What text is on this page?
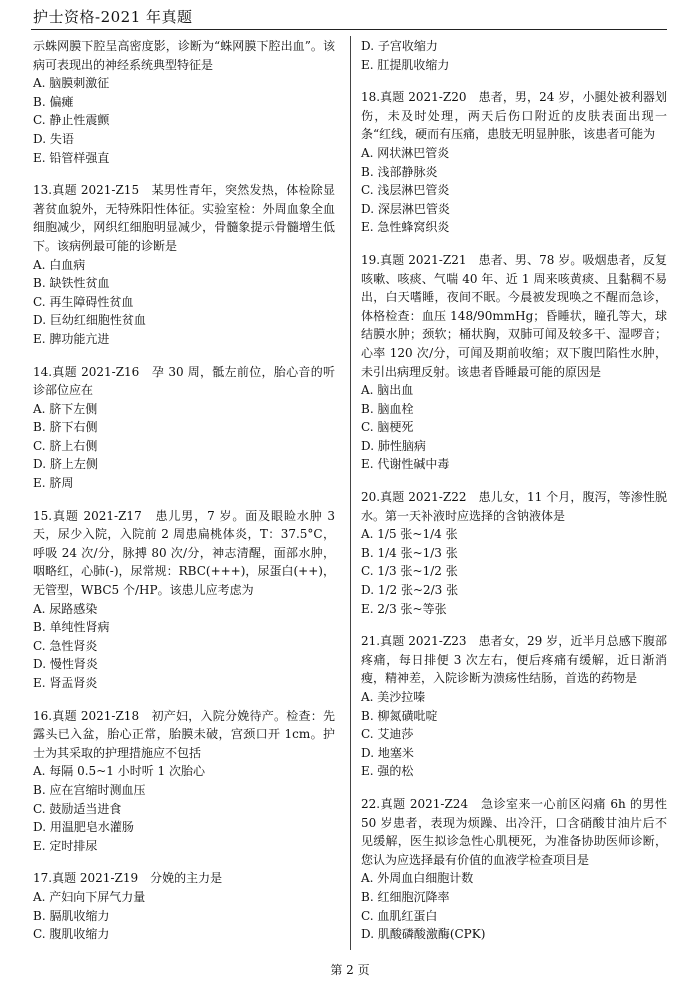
护士资格-2021 年真题
示蛛网膜下腔呈高密度影，诊断为“蛛网膜下腔出血”。该病可表现出的神经系统典型特征是
A. 脑膜刺激征
B. 偏瘫
C. 静止性震颤
D. 失语
E. 铅管样强直
13.真题 2021-Z15　某男性青年，突然发热，体检除显著贫血貌外，无特殊阳性体征。实验室检：外周血象全血细胞减少，网织红细胞明显减少，骨髓象提示骨髓增生低下。该病例最可能的诊断是
A. 白血病
B. 缺铁性贫血
C. 再生障碍性贫血
D. 巨幼红细胞性贫血
E. 脾功能亢进
14.真题 2021-Z16　孕 30 周，骶左前位，胎心音的听诊部位应在
A. 脐下左侧
B. 脐下右侧
C. 脐上右侧
D. 脐上左侧
E. 脐周
15.真题 2021-Z17　患儿男，7 岁。面及眼睑水肿 3 天，尿少入院，入院前 2 周患扁桃体炎，T：37.5°C，呼吸 24 次/分，脉搏 80 次/分，神志清醒，面部水肿，咽略红，心肺(-)，尿常规：RBC(+++)，尿蛋白(++)，无管型，WBC5 个/HP。该患儿应考虑为
A. 尿路感染
B. 单纯性肾病
C. 急性肾炎
D. 慢性肾炎
E. 肾盂肾炎
16.真题 2021-Z18　初产妇，入院分娩待产。检查：先露头已入盆，胎心正常，胎膜未破，宫颈口开 1cm。护士为其采取的护理措施应不包括
A. 每隔 0.5~1 小时听 1 次胎心
B. 应在宫缩时测血压
C. 鼓励适当进食
D. 用温肥皂水灌肠
E. 定时排尿
17.真题 2021-Z19　分娩的主力是
A. 产妇向下屏气力量
B. 膈肌收缩力
C. 腹肌收缩力
D. 子宫收缩力
E. 肛提肌收缩力
18.真题 2021-Z20　患者，男，24 岁，小腿处被利器划伤，未及时处理，两天后伤口附近的皮肤表面出现一条“红线，硬而有压痛，患肢无明显肿胀，该患者可能为
A. 网状淋巴管炎
B. 浅部静脉炎
C. 浅层淋巴管炎
D. 深层淋巴管炎
E. 急性蜂窝织炎
19.真题 2021-Z21　患者、男、78 岁。吸烟患者，反复咳嗽、咳痰、气喘 40 年、近 1 周来咳黄痰、且黏稠不易出，白天嗜睡，夜间不眠。今晨被发现唤之不醒而急诊，体格检查：血压 148/90mmHg；昏睡状，瞳孔等大，球结膜水肿；颈软；桶状胸，双肺可闻及较多干、湿啰音；心率 120 次/分，可闻及期前收缩；双下腹凹陷性水肿，未引出病理反射。该患者昏睡最可能的原因是
A. 脑出血
B. 脑血栓
C. 脑梗死
D. 肺性脑病
E. 代谢性碱中毒
20.真题 2021-Z22　患儿女，11 个月，腹泻，等渗性脱水。第一天补液时应选择的含钠液体是
A. 1/5 张~1/4 张
B. 1/4 张~1/3 张
C. 1/3 张~1/2 张
D. 1/2 张~2/3 张
E. 2/3 张~等张
21.真题 2021-Z23　患者女，29 岁，近半月总感下腹部疼痛，每日排便 3 次左右，便后疼痛有缓解，近日渐消瘦，精神差，入院诊断为溃疡性结肠，首选的药物是
A. 美沙拉嗪
B. 柳氮磺吡啶
C. 艾迪莎
D. 地塞米
E. 强的松
22.真题 2021-Z24　急诊室来一心前区闷痛 6h 的男性 50 岁患者，表现为烦躁、出冷汗，口含硝酸甘油片后不见缓解，医生拟诊急性心肌梗死，为准备协助医师诊断，您认为应选择最有价值的血液学检查项目是
A. 外周血白细胞计数
B. 红细胞沉降率
C. 血肌红蛋白
D. 肌酸磷酸激酶(CPK)
第 2 页
